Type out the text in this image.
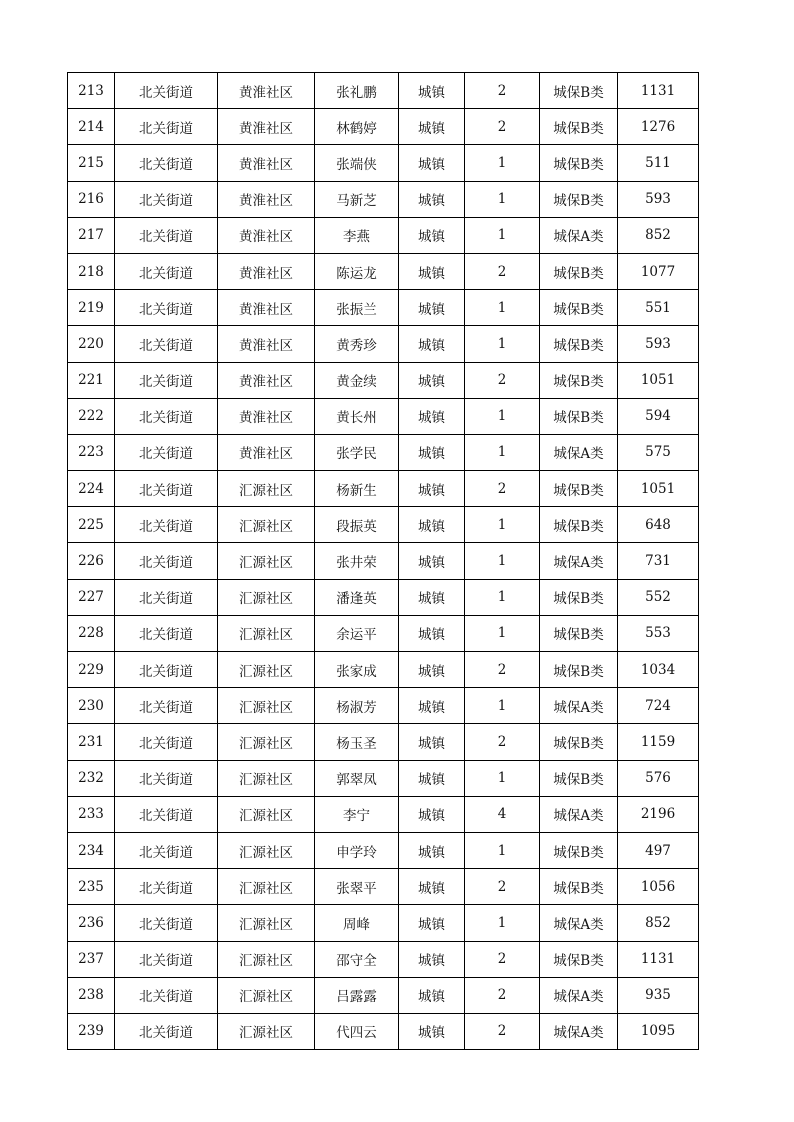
213	北关街道	黄淮社区	张礼鹏	城镇	2	城保B类	1131
214	北关街道	黄淮社区	林鹤婷	城镇	2	城保B类	1276
215	北关街道	黄淮社区	张端侠	城镇	1	城保B类	511
216	北关街道	黄淮社区	马新芝	城镇	1	城保B类	593
217	北关街道	黄淮社区	李燕	城镇	1	城保A类	852
218	北关街道	黄淮社区	陈运龙	城镇	2	城保B类	1077
219	北关街道	黄淮社区	张振兰	城镇	1	城保B类	551
220	北关街道	黄淮社区	黄秀珍	城镇	1	城保B类	593
221	北关街道	黄淮社区	黄金续	城镇	2	城保B类	1051
222	北关街道	黄淮社区	黄长州	城镇	1	城保B类	594
223	北关街道	黄淮社区	张学民	城镇	1	城保A类	575
224	北关街道	汇源社区	杨新生	城镇	2	城保B类	1051
225	北关街道	汇源社区	段振英	城镇	1	城保B类	648
226	北关街道	汇源社区	张井荣	城镇	1	城保A类	731
227	北关街道	汇源社区	潘逢英	城镇	1	城保B类	552
228	北关街道	汇源社区	余运平	城镇	1	城保B类	553
229	北关街道	汇源社区	张家成	城镇	2	城保B类	1034
230	北关街道	汇源社区	杨淑芳	城镇	1	城保A类	724
231	北关街道	汇源社区	杨玉圣	城镇	2	城保B类	1159
232	北关街道	汇源社区	郭翠凤	城镇	1	城保B类	576
233	北关街道	汇源社区	李宁	城镇	4	城保A类	2196
234	北关街道	汇源社区	申学玲	城镇	1	城保B类	497
235	北关街道	汇源社区	张翠平	城镇	2	城保B类	1056
236	北关街道	汇源社区	周峰	城镇	1	城保A类	852
237	北关街道	汇源社区	邵守全	城镇	2	城保B类	1131
238	北关街道	汇源社区	吕露露	城镇	2	城保A类	935
239	北关街道	汇源社区	代四云	城镇	2	城保A类	1095
